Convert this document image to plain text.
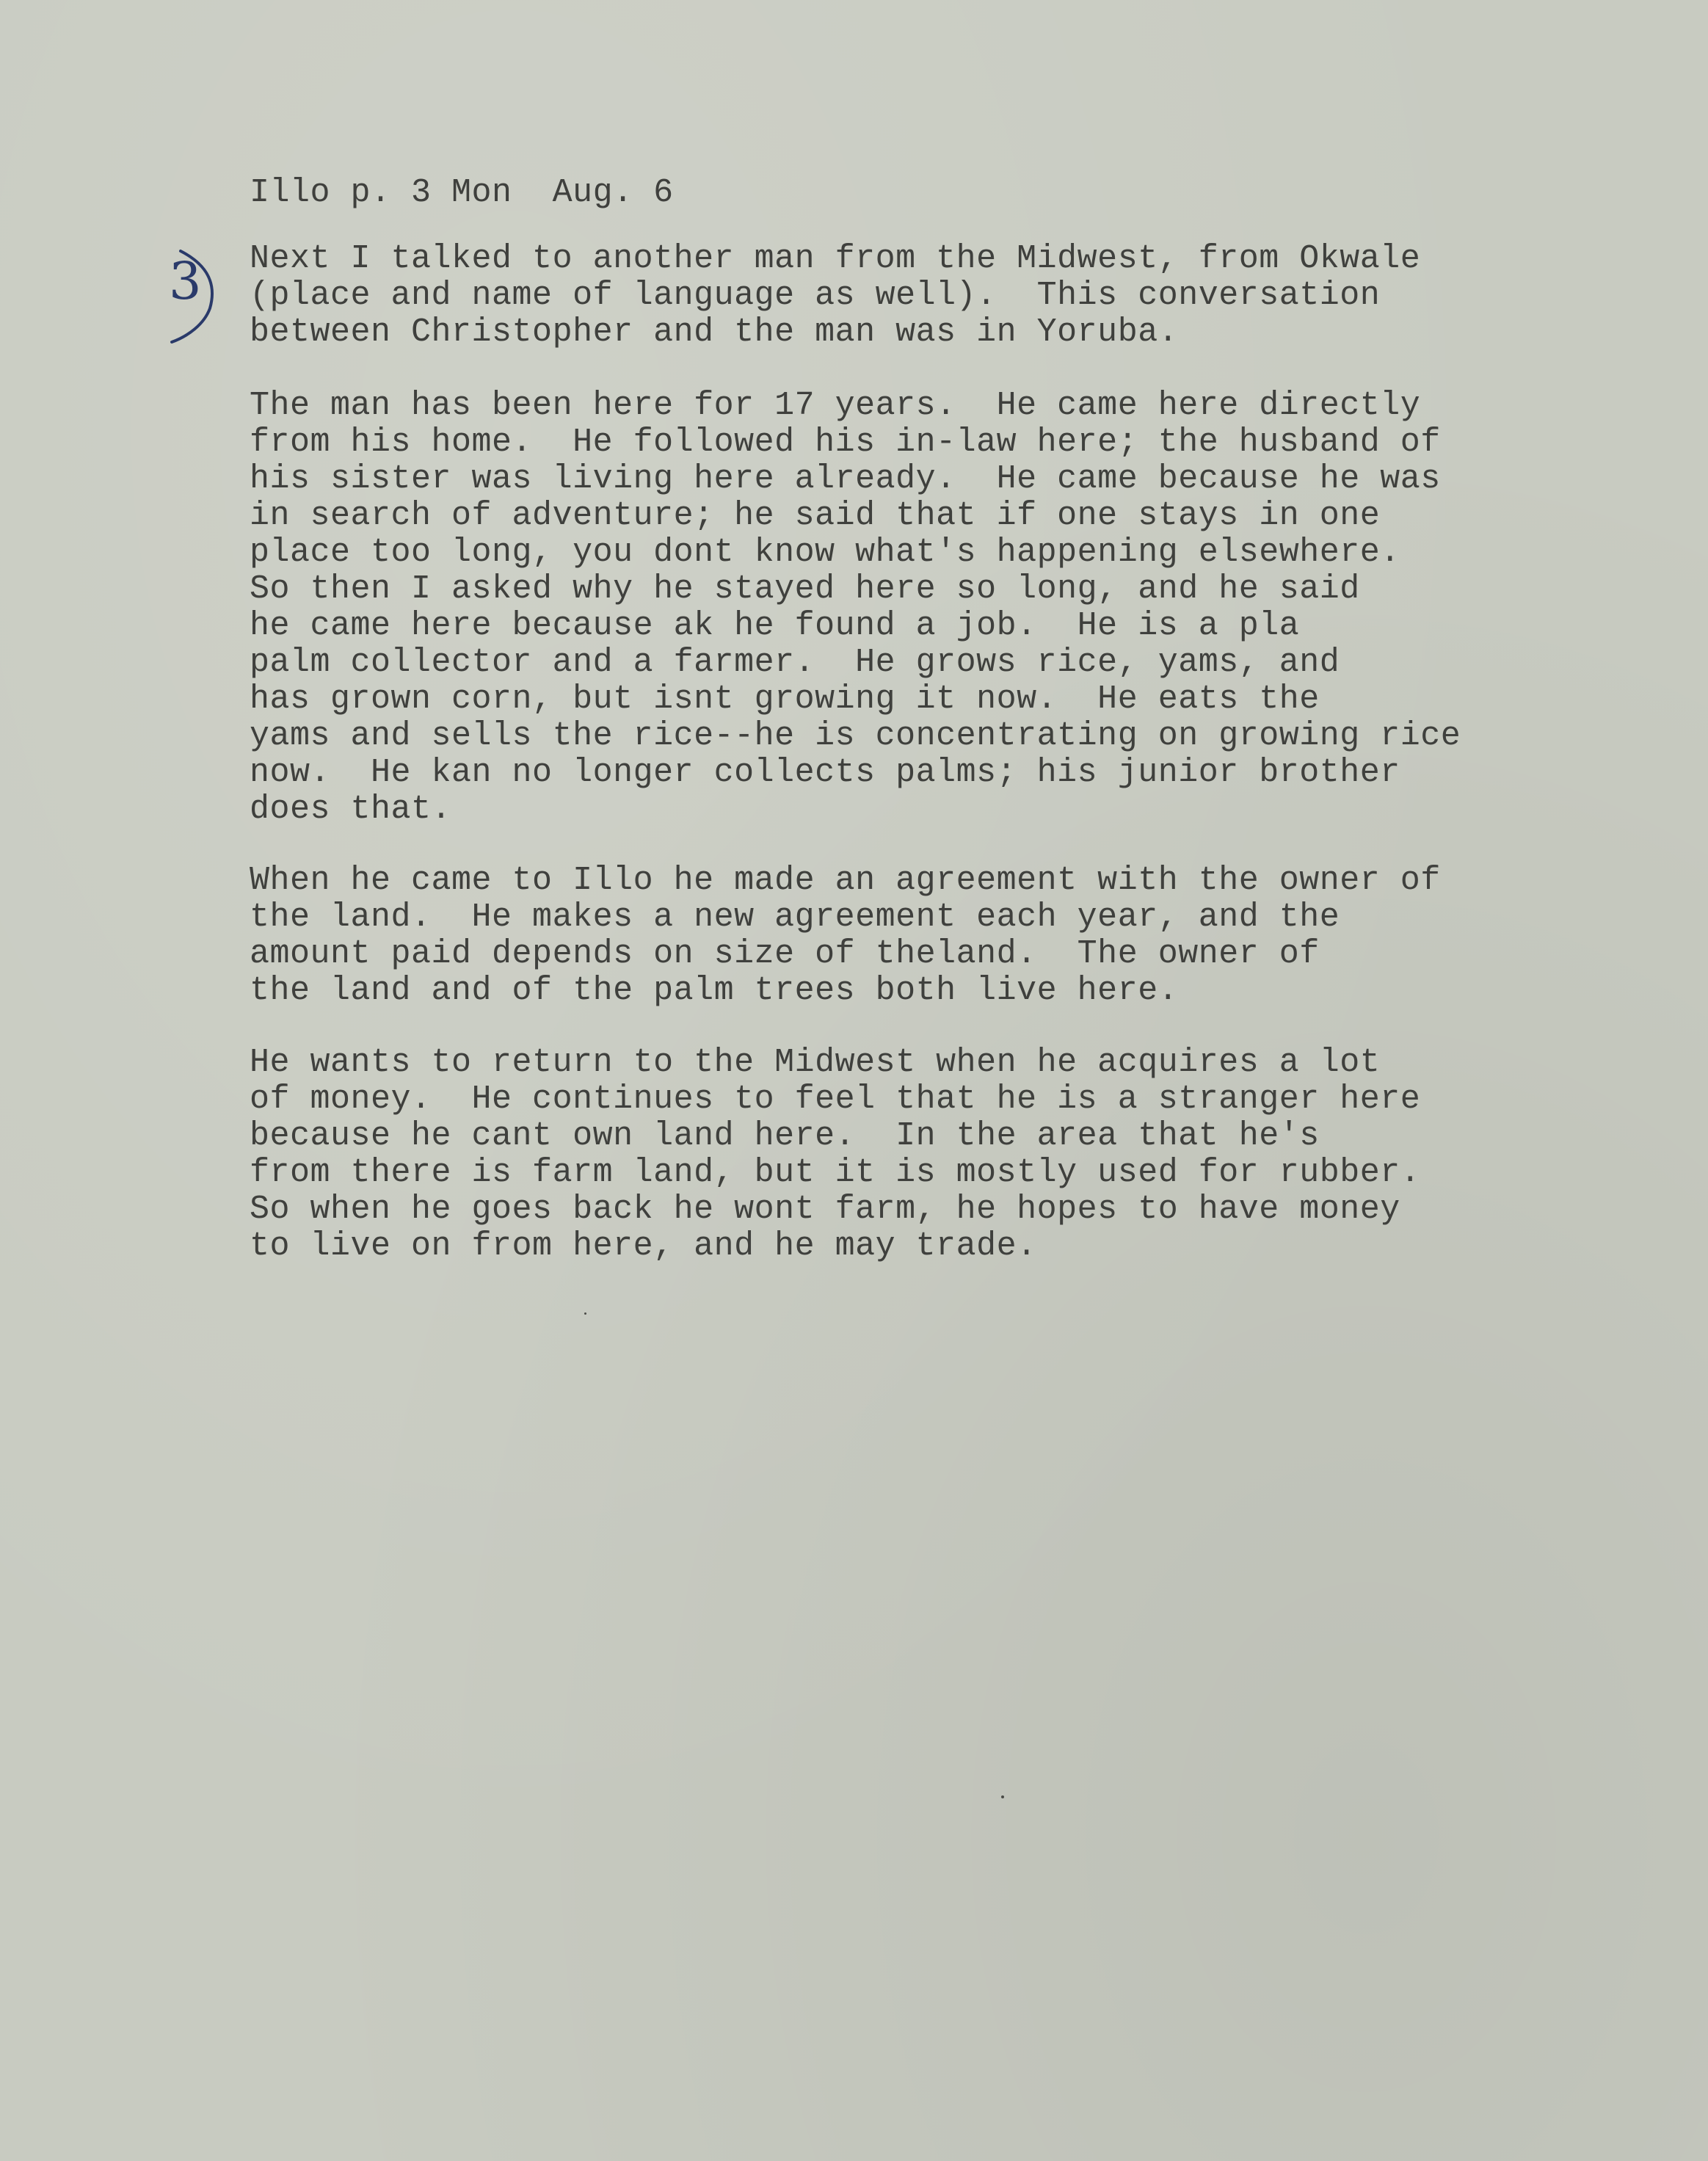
Illo p. 3 Mon  Aug. 6
3 Next I talked to another man from the Midwest, from Okwale
(place and name of language as well).  This conversation
between Christopher and the man was in Yoruba.
The man has been here for 17 years.  He came here directly
from his home.  He followed his in-law here; the husband of
his sister was living here already.  He came because he was
in search of adventure; he said that if one stays in one
place too long, you dont know what's happening elsewhere.
So then I asked why he stayed here so long, and he said
he came here because ak he found a job.  He is a pla
palm collector and a farmer.  He grows rice, yams, and
has grown corn, but isnt growing it now.  He eats the
yams and sells the rice--he is concentrating on growing rice
now.  He kan no longer collects palms; his junior brother
does that.
When he came to Illo he made an agreement with the owner of
the land.  He makes a new agreement each year, and the
amount paid depends on size of theland.  The owner of
the land and of the palm trees both live here.
He wants to return to the Midwest when he acquires a lot
of money.  He continues to feel that he is a stranger here
because he cant own land here.  In the area that he's
from there is farm land, but it is mostly used for rubber.
So when he goes back he wont farm, he hopes to have money
to live on from here, and he may trade.
